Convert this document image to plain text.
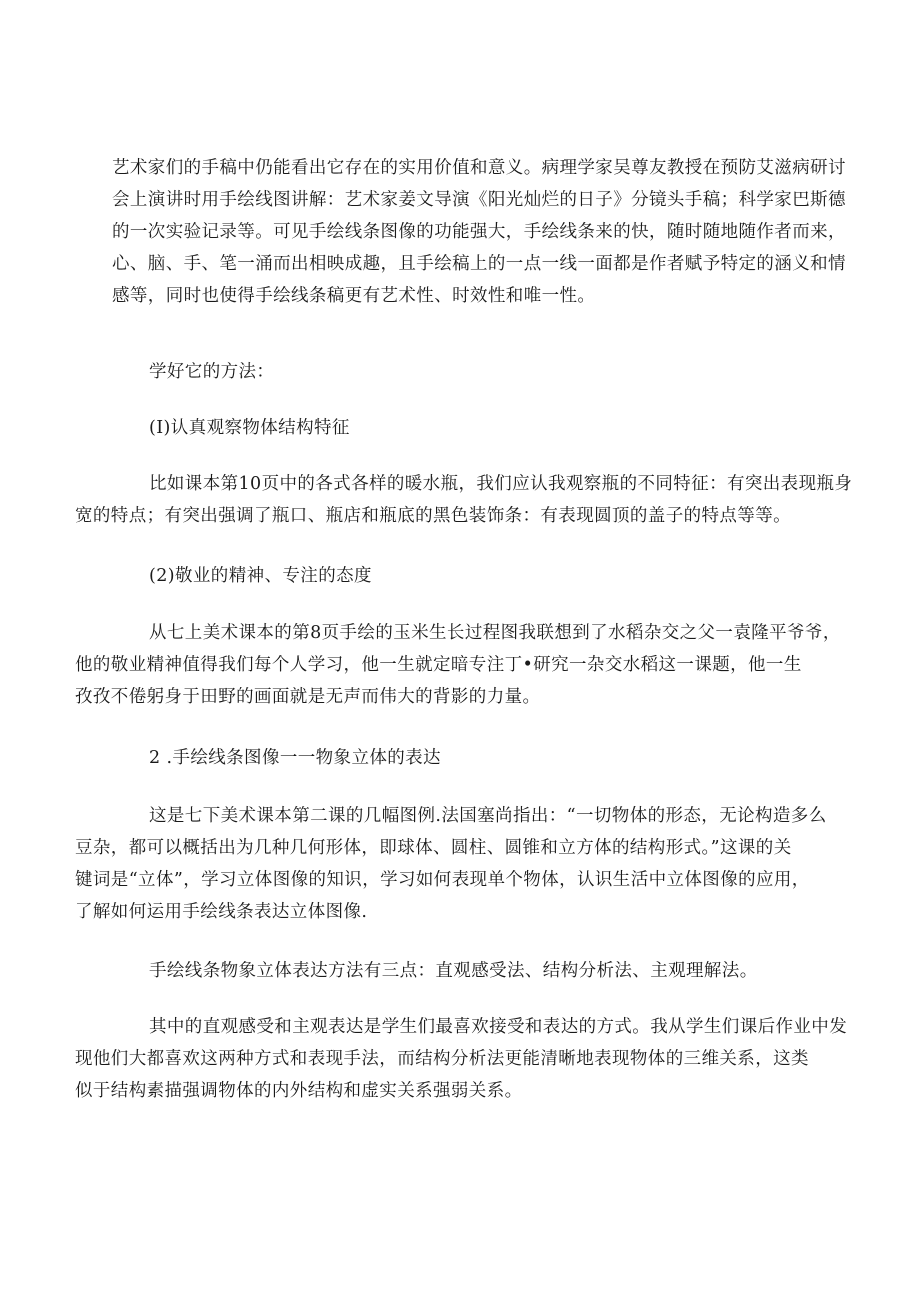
艺术家们的手稿中仍能看出它存在的实用价值和意义。病理学家吴尊友教授在预防艾滋病研讨
会上演讲时用手绘线图讲解：艺术家姜文导演《阳光灿烂的日子》分镜头手稿；科学家巴斯德
的一次实验记录等。可见手绘线条图像的功能强大，手绘线条来的快，随时随地随作者而来，
心、脑、手、笔一涌而出相映成趣，且手绘稿上的一点一线一面都是作者赋予特定的涵义和情
感等，同时也使得手绘线条稿更有艺术性、时效性和唯一性。

学好它的方法：

(I)认真观察物体结构特征

比如课本第10页中的各式各样的暖水瓶，我们应认我观察瓶的不同特征：有突出表现瓶身
宽的特点；有突出强调了瓶口、瓶店和瓶底的黑色装饰条：有表现圆顶的盖子的特点等等。

(2)敬业的精神、专注的态度

从七上美术课本的第8页手绘的玉米生长过程图我联想到了水稻杂交之父一袁隆平爷爷，
他的敬业精神值得我们每个人学习，他一生就定暗专注丁•研究一杂交水稻这一课题，他一生
孜孜不倦躬身于田野的画面就是无声而伟大的背影的力量。

2 .手绘线条图像一一物象立体的表达

这是七下美术课本第二课的几幅图例.法国塞尚指出：“一切物体的形态，无论构造多么
豆杂，都可以概括出为几种几何形体，即球体、圆柱、圆锥和立方体的结构形式。”这课的关
键词是“立体”，学习立体图像的知识，学习如何表现单个物体，认识生活中立体图像的应用，
了解如何运用手绘线条表达立体图像.

手绘线条物象立体表达方法有三点：直观感受法、结构分析法、主观理解法。

其中的直观感受和主观表达是学生们最喜欢接受和表达的方式。我从学生们课后作业中发
现他们大都喜欢这两种方式和表现手法，而结构分析法更能清晰地表现物体的三维关系，这类
似于结构素描强调物体的内外结构和虚实关系强弱关系。
